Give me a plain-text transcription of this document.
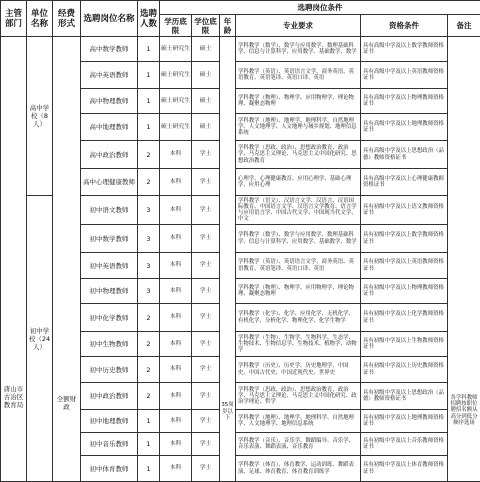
主管部门	单位名称	经费形式	选聘岗位名称	选聘人数	选聘岗位条件					
					学历底限	学位底限	年龄	专业要求	资格条件	备注
唐山市古冶区教育局	高中学校（8人）	全额财政	高中数学教师	1	硕士研究生	硕士	35周岁以下	学科教学（数学）、数学与应用数学、数理基础科学、信息与计算科学、应用数学、基础数学、数学	具有高级中学及以上数学教师资格证书	各学科教师招聘按职位聘招名额从高分到低分顺序选岗
			高中英语教师	1	硕士研究生	硕士		学科教学（英语）、英语语言文学、商务英语、英语教育、英语笔译、英语口译、英语	具有高级中学及以上英语教师资格证书	
			高中物理教师	1	硕士研究生	硕士		学科教学（物理）、物理学、应用物理学、理论物理、凝聚态物理	具有高级中学及以上物理教师资格证书	
			高中地理教师	1	硕士研究生	硕士		学科教学（地理）、地理学、地理科学、自然地理学、人文地理学、人文地理与城乡规划、地理信息系统	具有高级中学及以上地理教师资格证书	
			高中政治教师	2	本科	学士		学科教学（思政、政治）、思想政治教育、政治学、马克思主义理论、马克思主义中国化研究、思想政治教育	具有高级中学及以上思想政治（品德）教师资格证书	
			高中心理健康教师	2	本科	学士		心理学、心理健康教育、应用心理学、基础心理学、应用心理	具有高级中学及以上心理健康教师资格证书	
	初中学校（24人）		初中语文教师	3	本科	学士		学科教学（语文）、汉语言文学、汉语言、汉语国际教育、中国语言文学、汉语言文学教育、语言学与应用语言学、中国古代文学、中国现当代文学、中文	具有初级中学及以上语文教师资格证书	
			初中数学教师	3	本科	学士		学科教学（数学）、数学与应用数学、数理基础科学、信息与计算科学、应用数学、基础数学、数学	具有初级中学及以上数学教师资格证书	
			初中英语教师	3	本科	学士		学科教学（英语）、英语语言文学、商务英语、英语教育、英语笔译、英语口译、英语	具有初级中学及以上英语教师资格证书	
			初中物理教师	3	本科	学士		学科教学（物理）、物理学、应用物理学、理论物理、凝聚态物理	具有初级中学及以上物理教师资格证书	
			初中化学教师	2	本科	学士		学科教学（化学）、化学、应用化学、无机化学、有机化学、分析化学、物理化学、化学生物学	具有初级中学及以上化学教师资格证书	
			初中生物教师	2	本科	学士		学科教学（生物）、生物学、生物科学、生态学、生物技术、生物信息学、生物技术、植物学、动物学	具有初级中学及以上生物教师资格证书	
			初中历史教师	2	本科	学士		学科教学（历史）、历史学、历史地理学、中国史、中国古代史、中国近现代史、世界史	具有初级中学及以上历史教师资格证书	
			初中政治教师	2	本科	学士		学科教学（思政、政治）、思想政治教育、政治学、马克思主义理论、马克思主义中国化研究、政治学理论、哲学	具有初级中学及以上思想政治（品德）教师资格证书	
			初中地理教师	1	本科	学士		学科教学（地理）、地理学、地理科学、自然地理学、人文地理学、地理信息系统	具有初级中学及以上地理教师资格证书	
			初中音乐教师	1	本科	学士		学科教学（音乐）、音乐学、舞蹈编导、音乐学、音乐表演、舞蹈表演、音乐教育	具有初级中学及以上音乐教师资格证书	
			初中体育教师	1	本科	学士		学科教学（体育）、体育教学、运动训练、舞蹈表演、足球、体育教育、体育教育训练学	具有初级中学及以上体育教师资格证书	
